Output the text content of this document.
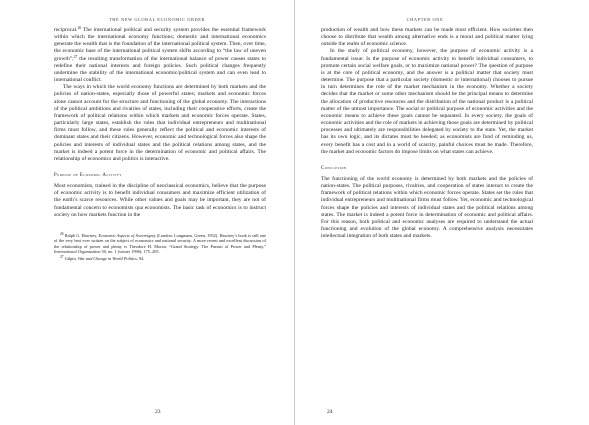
THE NEW GLOBAL ECONOMIC ORDER

reciprocal.$^{26}$ The international political and security system provides the essential framework within which the international economy functions; domestic and international economics generate the wealth that is the foundation of the international political system. Then, over time, the economic base of the international political system shifts according to “the law of uneven growth”;$^{27}$ the resulting transformation of the international balance of power causes states to redefine their national interests and foreign policies. Such political changes frequently undermine the stability of the international economic/political system and can even lead to international conflict.

The ways in which the world economy functions are determined by both markets and the policies of nation-states, especially those of powerful states; markets and economic forces alone cannot account for the structure and functioning of the global economy. The interactions of the political ambitions and rivalries of states, including their cooperative efforts, create the framework of political relations within which markets and economic forces operate. States, particularly large states, establish the rules that individual entrepreneurs and multinational firms must follow, and these rules generally reflect the political and economic interests of dominant states and their citizens. However, economic and technological forces also shape the policies and interests of individual states and the political relations among states, and the market is indeed a potent force in the determination of economic and political affairs. The relationship of economics and politics is interactive.

Purpose of Economic Activity

Most economists, trained in the discipline of neoclassical economics, believe that the purpose of economic activity is to benefit individual consumers and maximize efficient utilization of the earth’s scarce resources. While other values and goals may be important, they are not of fundamental concern to economists qua economists. The basic task of economics is to instruct society on how markets function in the

$^{26}$ Ralph G. Hawtrey, Economic Aspects of Sovereignty (London: Longmans, Green, 1952). Hawtrey’s book is still one of the very best ever written on the subject of economics and national security. A more recent and excellent discussion of the relationship of power and plenty is Theodore H. Moran, “Grand Strategy: The Pursuit of Power and Plenty,” International Organization 50, no. 1 (winter 1996): 175–205.

$^{27}$ Gilpin, War and Change in World Politics, 94.

23
CHAPTER ONE

production of wealth and how these markets can be made most efficient. How societies then choose to distribute that wealth among alternative ends is a moral and political matter lying outside the realm of economic science.

In the study of political economy, however, the purpose of economic activity is a fundamental issue: Is the purpose of economic activity to benefit individual consumers, to promote certain social welfare goals, or to maximize national power? The question of purpose is at the core of political economy, and the answer is a political matter that society must determine. The purpose that a particular society (domestic or international) chooses to pursue in turn determines the role of the market mechanism in the economy. Whether a society decides that the market or some other mechanism should be the principal means to determine the allocation of productive resources and the distribution of the national product is a political matter of the utmost importance. The social or political purpose of economic activities and the economic means to achieve these goals cannot be separated. In every society, the goals of economic activities and the role of markets in achieving those goals are determined by political processes and ultimately are responsibilities delegated by society to the state. Yet, the market has its own logic, and its dictates must be heeded; as economists are fond of reminding us, every benefit has a cost and in a world of scarcity, painful choices must be made. Therefore, the market and economic factors do impose limits on what states can achieve.

Conclusion

The functioning of the world economy is determined by both markets and the policies of nation-states. The political purposes, rivalries, and cooperation of states interact to create the framework of political relations within which economic forces operate. States set the rules that individual entrepreneurs and multinational firms must follow. Yet, economic and technological forces shape the policies and interests of individual states and the political relations among states. The market is indeed a potent force in determination of economic and political affairs. For this reason, both political and economic analyses are required to understand the actual functioning and evolution of the global economy. A comprehensive analysis necessitates intellectual integration of both states and markets.

24
